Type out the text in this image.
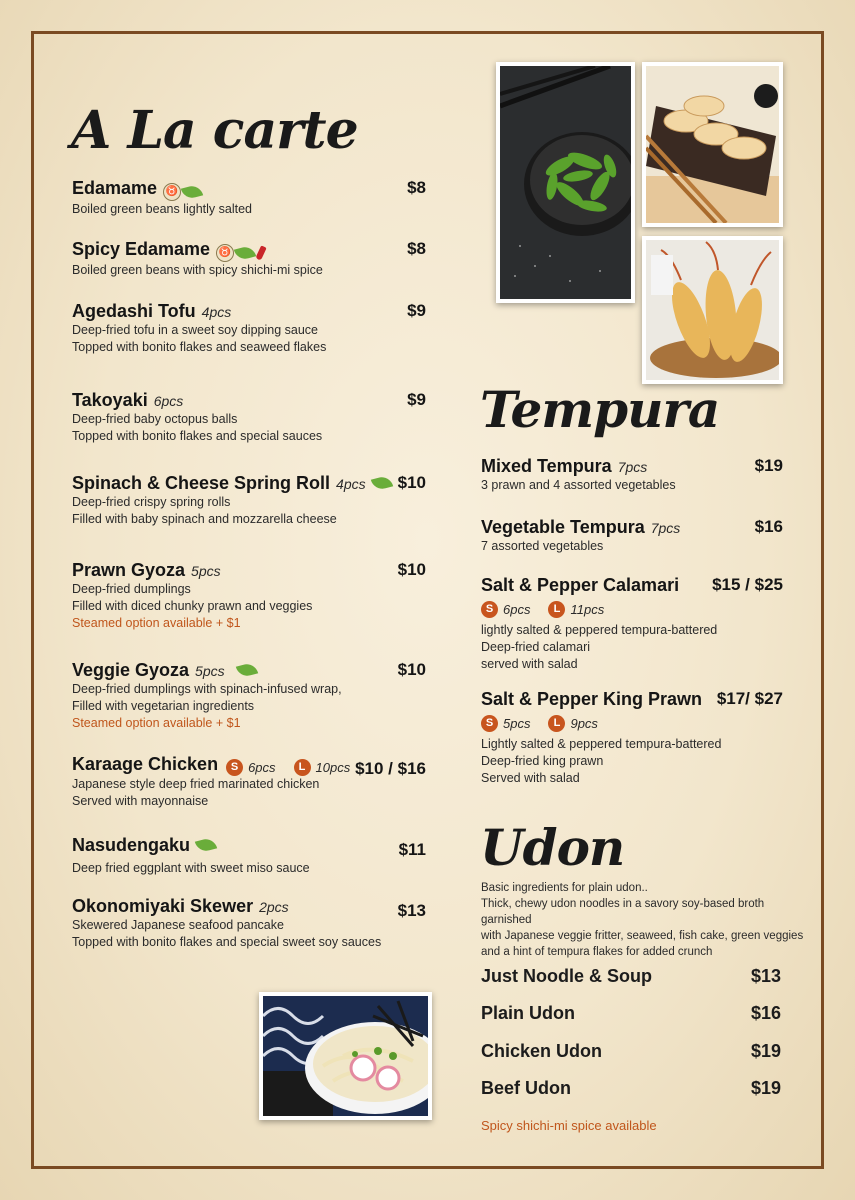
A La carte
Edamame ♉	$8
Boiled green beans lightly salted
Spicy Edamame ♉	$8
Boiled green beans with spicy shichi-mi spice
Agedashi Tofu 4pcs	$9
Deep-fried tofu in a sweet soy dipping sauce
Topped with bonito flakes and seaweed flakes
Takoyaki 6pcs	$9
Deep-fried baby octopus balls
Topped with bonito flakes and special sauces
Spinach & Cheese Spring Roll 4pcs $10
Deep-fried crispy spring rolls
Filled with baby spinach and mozzarella cheese
Prawn Gyoza 5pcs	$10
Deep-fried dumplings
Filled with diced chunky prawn and veggies
Steamed option available + $1
Veggie Gyoza 5pcs	$10
Deep-fried dumplings with spinach-infused wrap,
Filled with vegetarian ingredients
Steamed option available + $1
Karaage Chicken	S 6pcs	L 10pcs $10 / $16
Japanese style deep fried marinated chicken
Served with mayonnaise
Nasudengaku	$11
Deep fried eggplant with sweet miso sauce
Okonomiyaki Skewer 2pcs	$13
Skewered Japanese seafood pancake
Topped with bonito flakes and special sweet soy sauces
Tempura
Mixed Tempura 7pcs	$19
3 prawn and 4 assorted vegetables
Vegetable Tempura 7pcs	$16
7 assorted vegetables
Salt & Pepper Calamari $15 / $25
S 6pcs	L 11pcs
lightly salted & peppered tempura-battered
Deep-fried calamari
served with salad
Salt & Pepper King Prawn $17/ $27
S 5pcs	L 9pcs
Lightly salted & peppered tempura-battered
Deep-fried king prawn
Served with salad
Udon
Basic ingredients for plain udon..
Thick, chewy udon noodles in a savory soy-based broth garnished
with Japanese veggie fritter, seaweed, fish cake, green veggies
and a hint of tempura flakes for added crunch
Just Noodle & Soup	$13
Plain Udon	$16
Chicken Udon	$19
Beef Udon	$19
Spicy shichi-mi spice available
